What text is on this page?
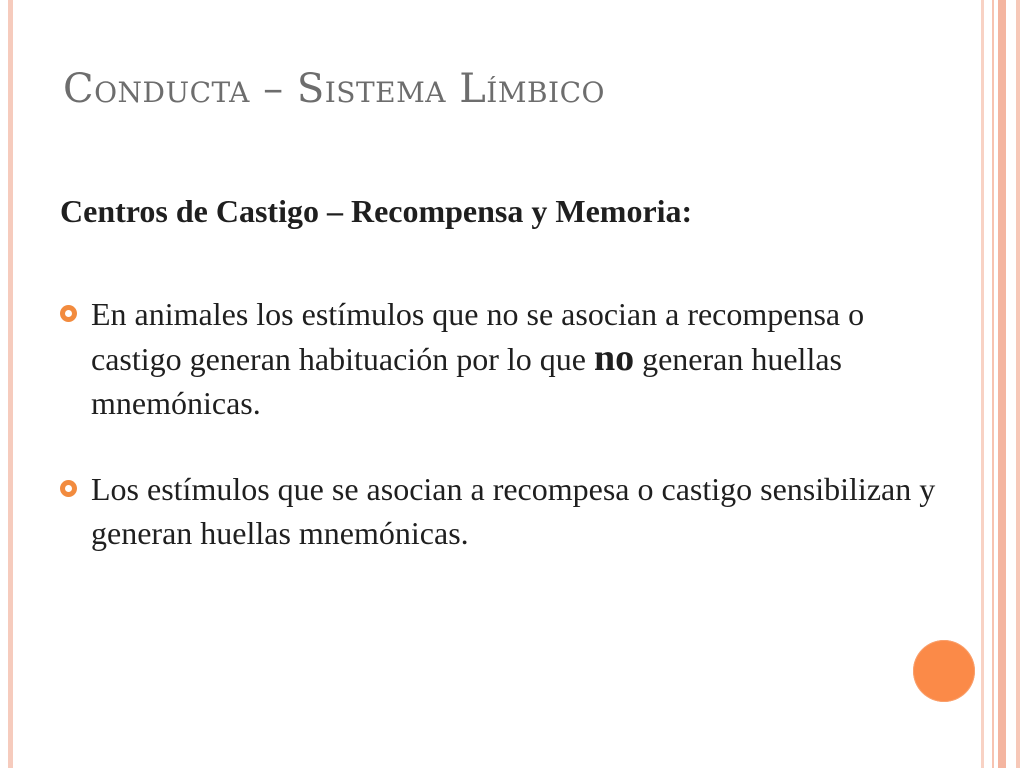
Conducta – Sistema Límbico
Centros de Castigo – Recompensa y Memoria:
En animales los estímulos que no se asocian a recompensa o castigo generan habituación por lo que no generan huellas mnemónicas.
Los estímulos que se asocian a recompesa o castigo sensibilizan y generan huellas mnemónicas.
